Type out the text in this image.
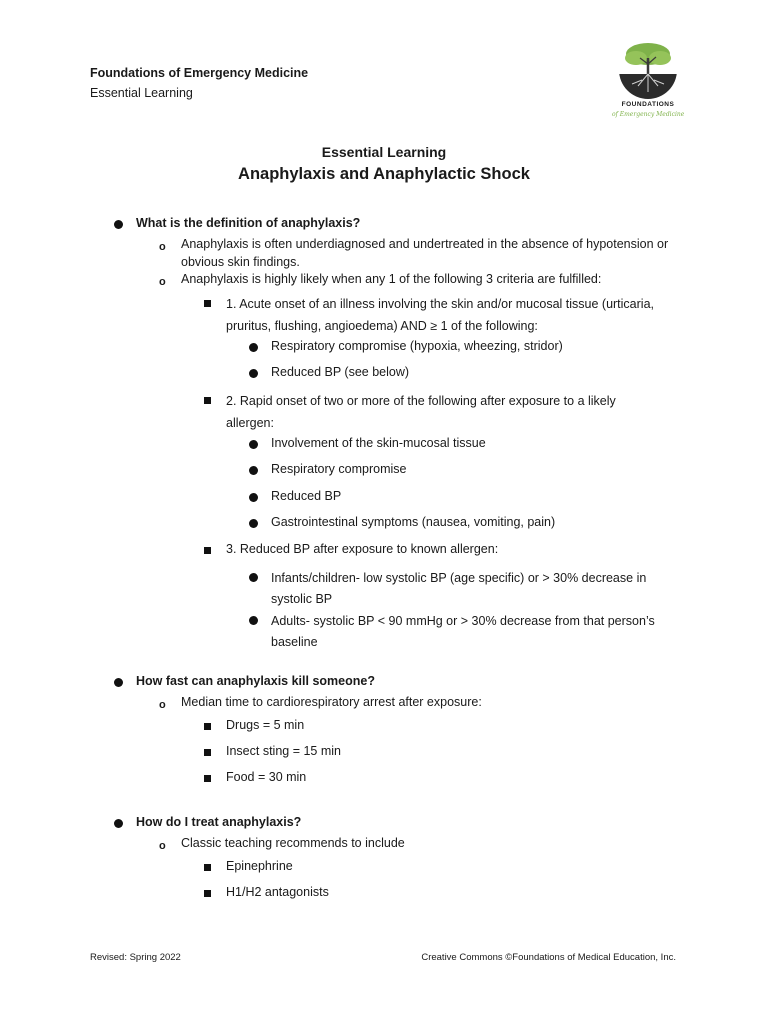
Foundations of Emergency Medicine
Essential Learning
FOUNDATIONS
of Emergency Medicine
Essential Learning
Anaphylaxis and Anaphylactic Shock
What is the definition of anaphylaxis?
o Anaphylaxis is often underdiagnosed and undertreated in the absence of hypotension or obvious skin findings.
o Anaphylaxis is highly likely when any 1 of the following 3 criteria are fulfilled:
1. Acute onset of an illness involving the skin and/or mucosal tissue (urticaria, pruritus, flushing, angioedema) AND ≥ 1 of the following:
Respiratory compromise (hypoxia, wheezing, stridor)
Reduced BP (see below)
2. Rapid onset of two or more of the following after exposure to a likely allergen:
Involvement of the skin-mucosal tissue
Respiratory compromise
Reduced BP
Gastrointestinal symptoms (nausea, vomiting, pain)
3. Reduced BP after exposure to known allergen:
Infants/children- low systolic BP (age specific) or > 30% decrease in systolic BP
Adults- systolic BP < 90 mmHg or > 30% decrease from that person’s baseline
How fast can anaphylaxis kill someone?
o Median time to cardiorespiratory arrest after exposure:
Drugs = 5 min
Insect sting = 15 min
Food = 30 min
How do I treat anaphylaxis?
o Classic teaching recommends to include
Epinephrine
H1/H2 antagonists
Revised: Spring 2022	Creative Commons ©Foundations of Medical Education, Inc.
